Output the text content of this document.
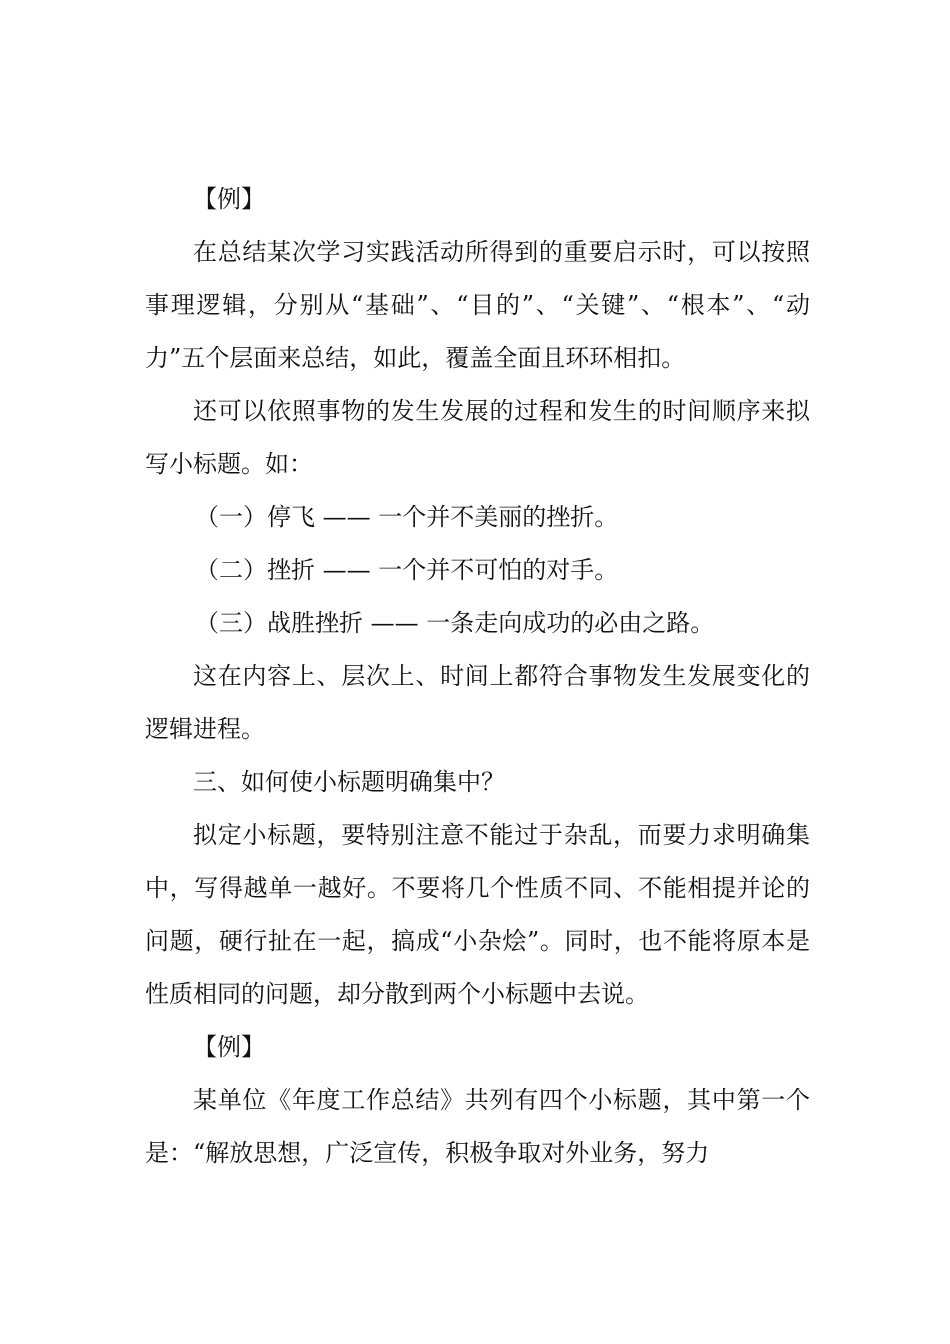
【例】

在总结某次学习实践活动所得到的重要启示时，可以按照事理逻辑，分别从“基础”、“目的”、“关键”、“根本”、“动力”五个层面来总结，如此，覆盖全面且环环相扣。

还可以依照事物的发生发展的过程和发生的时间顺序来拟写小标题。如：

（一）停飞 —— 一个并不美丽的挫折。

（二）挫折 —— 一个并不可怕的对手。

（三）战胜挫折 —— 一条走向成功的必由之路。

这在内容上、层次上、时间上都符合事物发生发展变化的逻辑进程。

三、如何使小标题明确集中？

拟定小标题，要特别注意不能过于杂乱，而要力求明确集中，写得越单一越好。不要将几个性质不同、不能相提并论的问题，硬行扯在一起，搞成“小杂烩”。同时，也不能将原本是性质相同的问题，却分散到两个小标题中去说。

【例】

某单位《年度工作总结》共列有四个小标题，其中第一个是：“解放思想，广泛宣传，积极争取对外业务，努力
